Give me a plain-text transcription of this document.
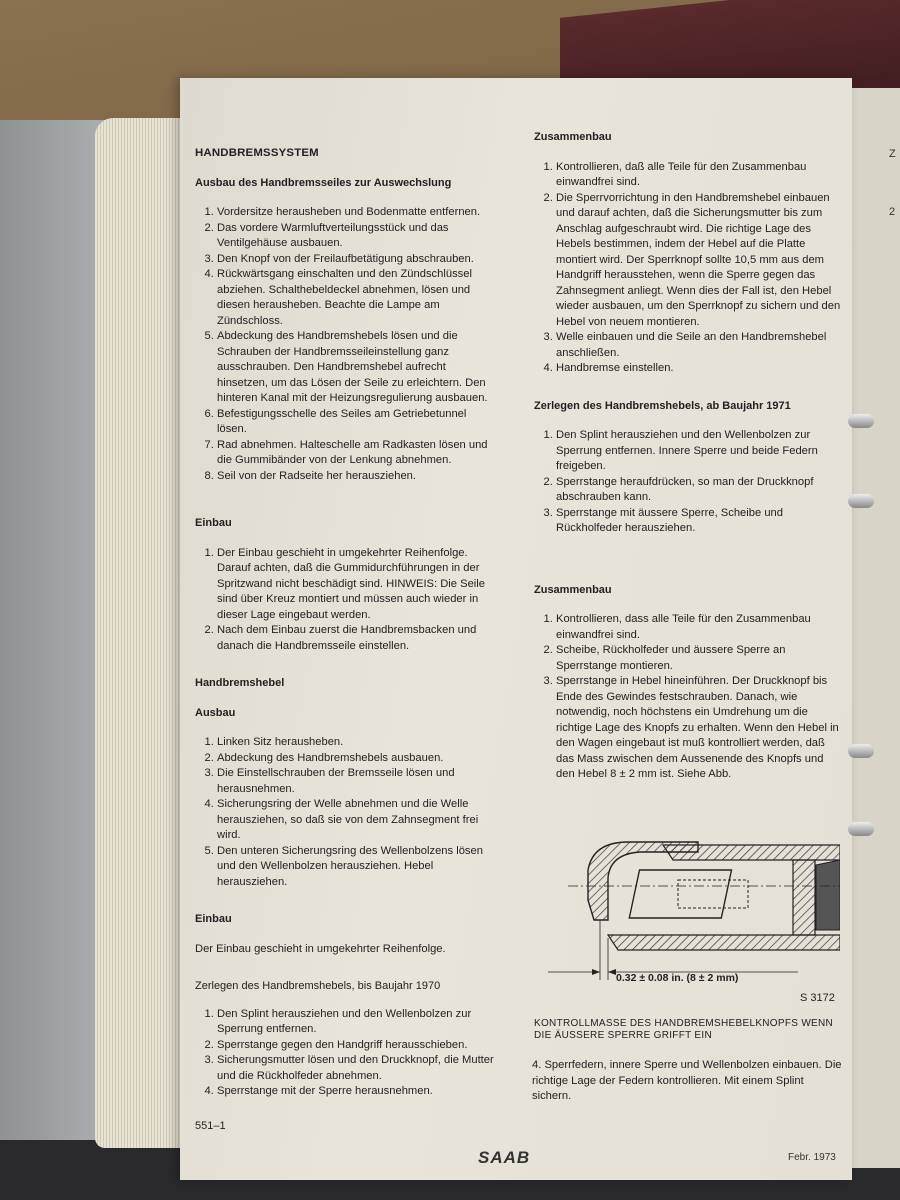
Z
2
HANDBREMSSYSTEM
Ausbau des Handbremsseiles zur Auswechslung
1. Vordersitze herausheben und Bodenmatte entfernen.
2. Das vordere Warmluftverteilungsstück und das Ventilgehäuse ausbauen.
3. Den Knopf von der Freilaufbetätigung abschrauben.
4. Rückwärtsgang einschalten und den Zündschlüssel abziehen. Schalthebeldeckel abnehmen, lösen und diesen herausheben. Beachte die Lampe am Zündschloss.
5. Abdeckung des Handbremshebels lösen und die Schrauben der Handbremsseileinstellung ganz ausschrauben. Den Handbremshebel aufrecht hinsetzen, um das Lösen der Seile zu erleichtern. Den hinteren Kanal mit der Heizungsregulierung ausbauen.
6. Befestigungsschelle des Seiles am Getriebetunnel lösen.
7. Rad abnehmen. Halteschelle am Radkasten lösen und die Gummibänder von der Lenkung abnehmen.
8. Seil von der Radseite her herausziehen.
Einbau
1. Der Einbau geschieht in umgekehrter Reihenfolge. Darauf achten, daß die Gummidurchführungen in der Spritzwand nicht beschädigt sind. HINWEIS: Die Seile sind über Kreuz montiert und müssen auch wieder in dieser Lage eingebaut werden.
2. Nach dem Einbau zuerst die Handbremsbacken und danach die Handbremsseile einstellen.
Handbremshebel
Ausbau
1. Linken Sitz herausheben.
2. Abdeckung des Handbremshebels ausbauen.
3. Die Einstellschrauben der Bremsseile lösen und herausnehmen.
4. Sicherungsring der Welle abnehmen und die Welle herausziehen, so daß sie von dem Zahnsegment frei wird.
5. Den unteren Sicherungsring des Wellenbolzens lösen und den Wellenbolzen herausziehen. Hebel herausziehen.
Einbau
Der Einbau geschieht in umgekehrter Reihenfolge.
Zerlegen des Handbremshebels, bis Baujahr 1970
1. Den Splint herausziehen und den Wellenbolzen zur Sperrung entfernen.
2. Sperrstange gegen den Handgriff herausschieben.
3. Sicherungsmutter lösen und den Druckknopf, die Mutter und die Rückholfeder abnehmen.
4. Sperrstange mit der Sperre herausnehmen.
Zusammenbau
1. Kontrollieren, daß alle Teile für den Zusammenbau einwandfrei sind.
2. Die Sperrvorrichtung in den Handbremshebel einbauen und darauf achten, daß die Sicherungsmutter bis zum Anschlag aufgeschraubt wird. Die richtige Lage des Hebels bestimmen, indem der Hebel auf die Platte montiert wird. Der Sperrknopf sollte 10,5 mm aus dem Handgriff herausstehen, wenn die Sperre gegen das Zahnsegment anliegt. Wenn dies der Fall ist, den Hebel wieder ausbauen, um den Sperrknopf zu sichern und den Hebel von neuem montieren.
3. Welle einbauen und die Seile an den Handbremshebel anschließen.
4. Handbremse einstellen.
Zerlegen des Handbremshebels, ab Baujahr 1971
1. Den Splint herausziehen und den Wellenbolzen zur Sperrung entfernen. Innere Sperre und beide Federn freigeben.
2. Sperrstange heraufdrücken, so man der Druckknopf abschrauben kann.
3. Sperrstange mit äussere Sperre, Scheibe und Rückholfeder herausziehen.
Zusammenbau
1. Kontrollieren, dass alle Teile für den Zusammenbau einwandfrei sind.
2. Scheibe, Rückholfeder und äussere Sperre an Sperrstange montieren.
3. Sperrstange in Hebel hineinführen. Der Druckknopf bis Ende des Gewindes festschrauben. Danach, wie notwendig, noch höchstens ein Umdrehung um die richtige Lage des Knopfs zu erhalten. Wenn den Hebel in den Wagen eingebaut ist muß kontrolliert werden, daß das Mass zwischen dem Aussenende des Knopfs und den Hebel 8 ± 2 mm ist. Siehe Abb.
0.32 ± 0.08 in. (8 ± 2 mm)
S 3172
KONTROLLMASSE DES HANDBREMSHEBELKNOPFS WENN DIE ÄUSSERE SPERRE GRIFFT EIN
4. Sperrfedern, innere Sperre und Wellenbolzen einbauen. Die richtige Lage der Federn kontrollieren. Mit einem Splint sichern.
551–1
SAAB	Febr. 1973
